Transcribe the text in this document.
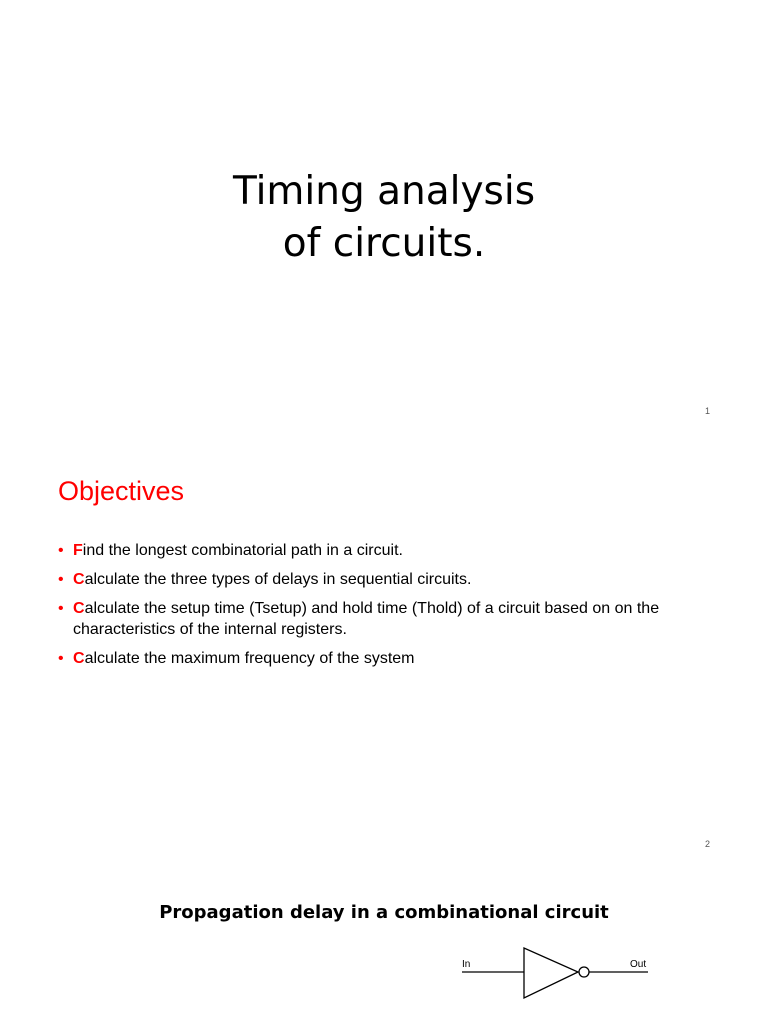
Timing analysis
of circuits.
1
Objectives
• Find the longest combinatorial path in a circuit.
• Calculate the three types of delays in sequential circuits.
• Calculate the setup time (Tsetup) and hold time (Thold) of a circuit based on on the characteristics of the internal registers.
• Calculate the maximum frequency of the system
2
Propagation delay in a combinational circuit
In	Out
